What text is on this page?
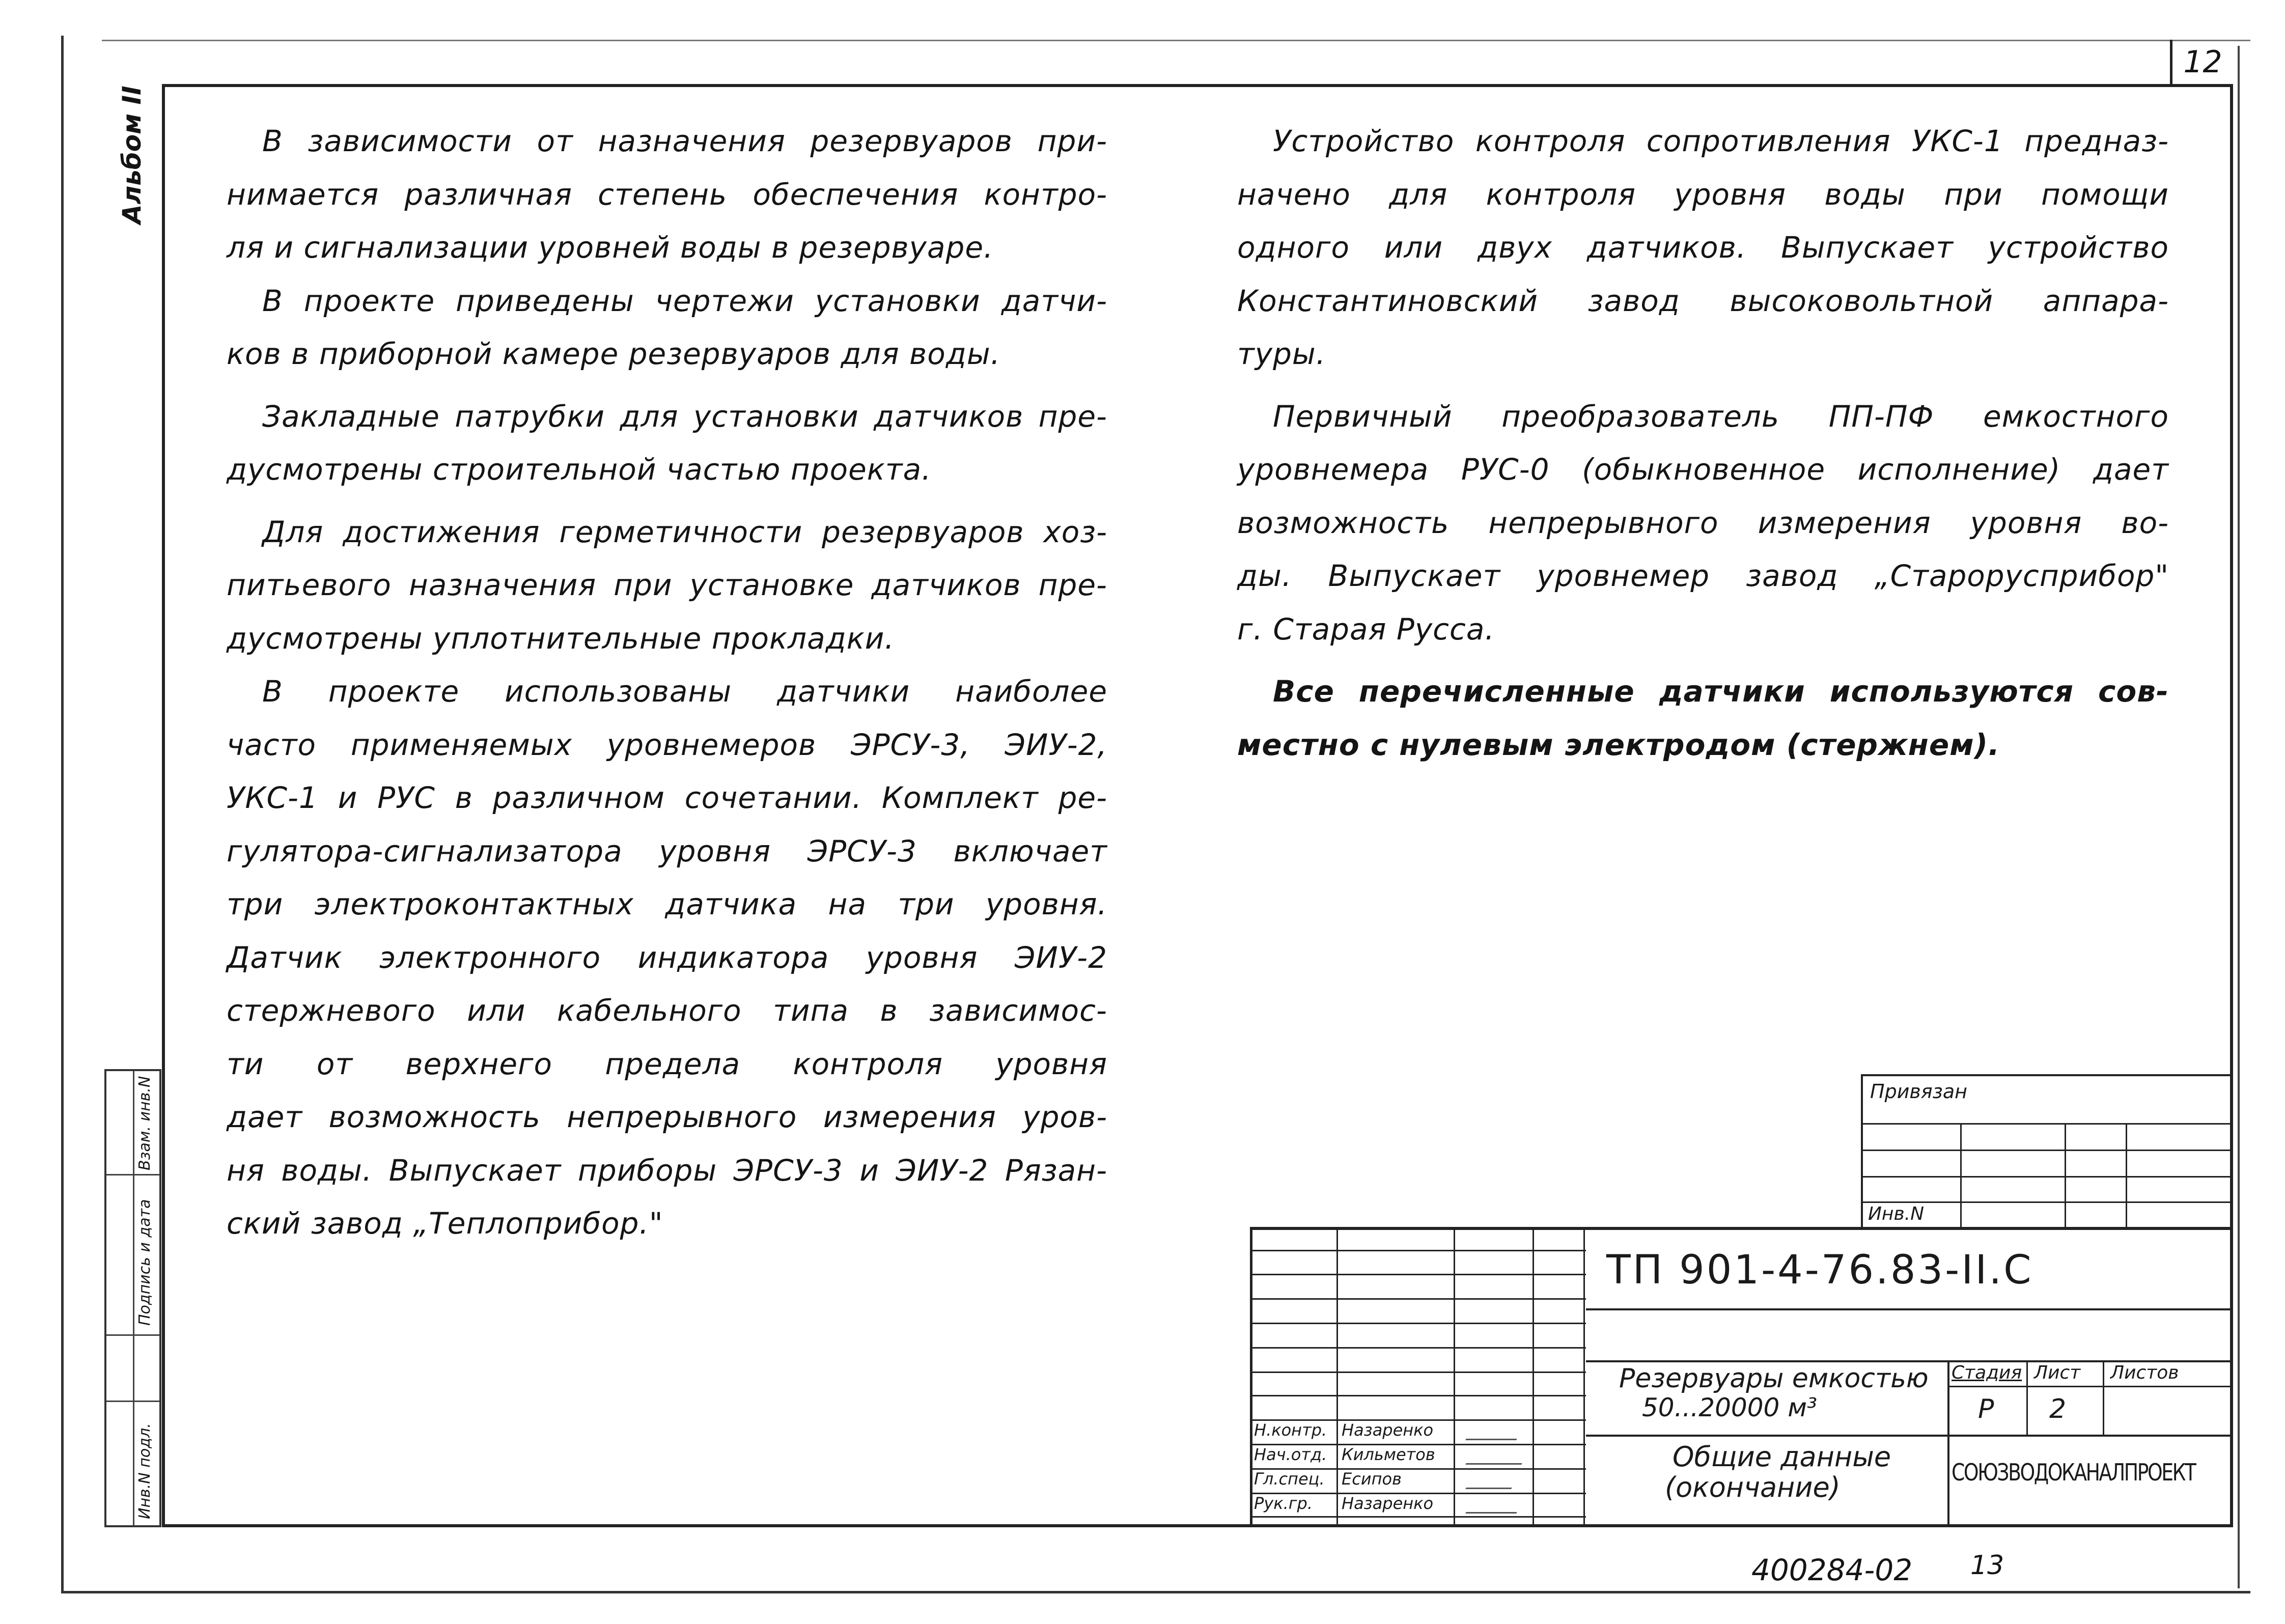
12
Альбом II
Взам. инв.N
Подпись и дата
Инв.N подл.

В зависимости от назначения резервуаров при-

нимается различная степень обеспечения контро-

ля и сигнализации уровней воды в резервуаре.

В проекте приведены чертежи установки датчи-

ков в приборной камере резервуаров для воды.

Закладные патрубки для установки датчиков пре-

дусмотрены строительной частью проекта.

Для достижения герметичности резервуаров хоз-

питьевого назначения при установке датчиков пре-

дусмотрены уплотнительные прокладки.

В проекте использованы датчики наиболее

часто применяемых уровнемеров ЭРСУ-3, ЭИУ-2,

УКС-1 и РУС в различном сочетании. Комплект ре-

гулятора-сигнализатора уровня ЭРСУ-3 включает

три электроконтактных датчика на три уровня.

Датчик электронного индикатора уровня ЭИУ-2

стержневого или кабельного типа в зависимос-

ти от верхнего предела контроля уровня

дает возможность непрерывного измерения уров-

ня воды. Выпускает приборы ЭРСУ-3 и ЭИУ-2 Рязан-

ский завод „Теплоприбор."

Устройство контроля сопротивления УКС-1 предназ-

начено для контроля уровня воды при помощи

одного или двух датчиков. Выпускает устройство

Константиновский завод высоковольтной аппара-

туры.

Первичный преобразователь ПП-ПФ емкостного

уровнемера РУС-0 (обыкновенное исполнение) дает

возможность непрерывного измерения уровня во-

ды. Выпускает уровнемер завод „Старорусприбор"

г. Старая Русса.

Все перечисленные датчики используются сов-

местно с нулевым электродом (стержнем).

Привязан
Инв.N
ТП 901-4-76.83-II.С
Резервуары емкостью
50...20000 м³
Стадия Лист Листов
Р 2
Общие данные
(окончание)	СОЮЗВОДОКАНАЛПРОЕКТ
Н.контр. Назаренко
Нач.отд. Кильметов
Гл.спец. Есипов
Рук.гр. Назаренко
400284-02 13
